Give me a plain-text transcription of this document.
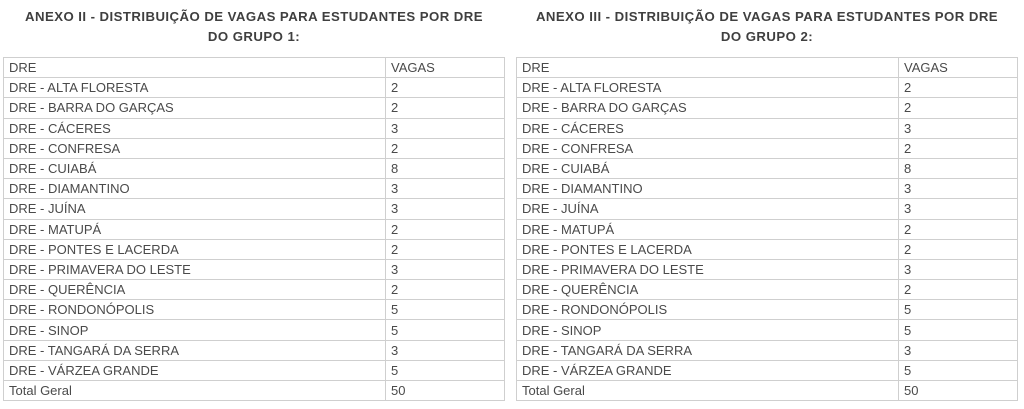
ANEXO II - DISTRIBUIÇÃO DE VAGAS PARA ESTUDANTES POR DRE
DO GRUPO 1:
DRE	VAGAS
DRE - ALTA FLORESTA	2
DRE - BARRA DO GARÇAS	2
DRE - CÁCERES	3
DRE - CONFRESA	2
DRE - CUIABÁ	8
DRE - DIAMANTINO	3
DRE - JUÍNA	3
DRE - MATUPÁ	2
DRE - PONTES E LACERDA	2
DRE - PRIMAVERA DO LESTE	3
DRE - QUERÊNCIA	2
DRE - RONDONÓPOLIS	5
DRE - SINOP	5
DRE - TANGARÁ DA SERRA	3
DRE - VÁRZEA GRANDE	5
Total Geral	50
ANEXO III - DISTRIBUIÇÃO DE VAGAS PARA ESTUDANTES POR DRE
DO GRUPO 2:
DRE	VAGAS
DRE - ALTA FLORESTA	2
DRE - BARRA DO GARÇAS	2
DRE - CÁCERES	3
DRE - CONFRESA	2
DRE - CUIABÁ	8
DRE - DIAMANTINO	3
DRE - JUÍNA	3
DRE - MATUPÁ	2
DRE - PONTES E LACERDA	2
DRE - PRIMAVERA DO LESTE	3
DRE - QUERÊNCIA	2
DRE - RONDONÓPOLIS	5
DRE - SINOP	5
DRE - TANGARÁ DA SERRA	3
DRE - VÁRZEA GRANDE	5
Total Geral	50
